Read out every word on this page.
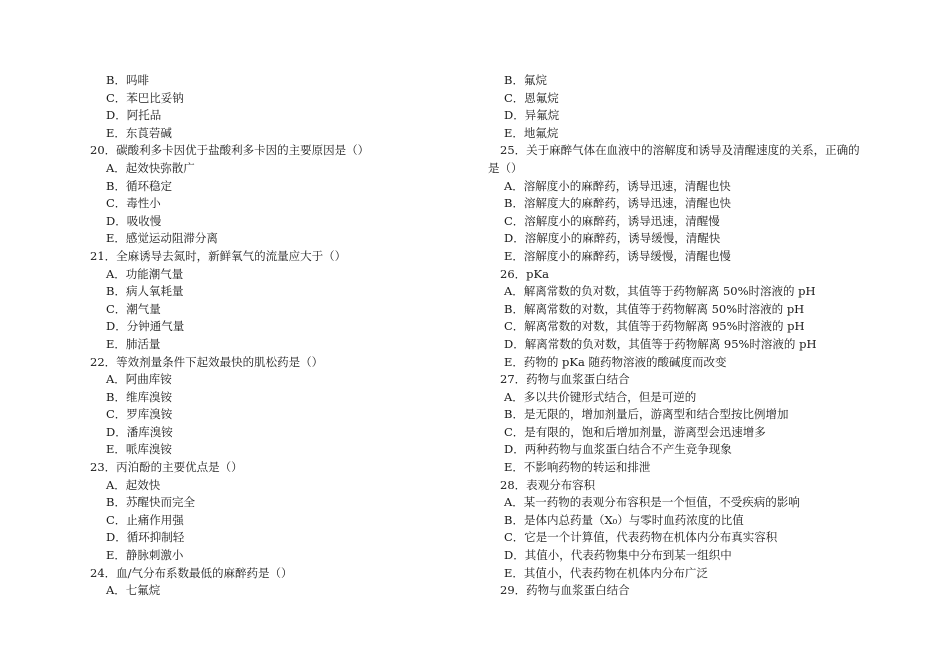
B．吗啡
C．苯巴比妥钠
D．阿托品
E．东莨菪碱
20．碳酸利多卡因优于盐酸利多卡因的主要原因是（）
A．起效快弥散广
B．循环稳定
C．毒性小
D．吸收慢
E．感觉运动阻滞分离
21．全麻诱导去氮时，新鲜氧气的流量应大于（）
A．功能潮气量
B．病人氧耗量
C．潮气量
D．分钟通气量
E．肺活量
22．等效剂量条件下起效最快的肌松药是（）
A．阿曲库铵
B．维库溴铵
C．罗库溴铵
D．潘库溴铵
E．哌库溴铵
23．丙泊酚的主要优点是（）
A．起效快
B．苏醒快而完全
C．止痛作用强
D．循环抑制轻
E．静脉刺激小
24．血/气分布系数最低的麻醉药是（）
A．七氟烷
B．氟烷
C．恩氟烷
D．异氟烷
E．地氟烷
25．关于麻醉气体在血液中的溶解度和诱导及清醒速度的关系，正确的
是（）
A．溶解度小的麻醉药，诱导迅速，清醒也快
B．溶解度大的麻醉药，诱导迅速，清醒也快
C．溶解度小的麻醉药，诱导迅速，清醒慢
D．溶解度小的麻醉药，诱导缓慢，清醒快
E．溶解度小的麻醉药，诱导缓慢，清醒也慢
26．pKa
A．解离常数的负对数，其值等于药物解离 50%时溶液的 pH
B．解离常数的对数，其值等于药物解离 50%时溶液的 pH
C．解离常数的对数，其值等于药物解离 95%时溶液的 pH
D．解离常数的负对数，其值等于药物解离 95%时溶液的 pH
E．药物的 pKa 随药物溶液的酸碱度而改变
27．药物与血浆蛋白结合
A．多以共价键形式结合，但是可逆的
B．是无限的，增加剂量后，游离型和结合型按比例增加
C．是有限的，饱和后增加剂量，游离型会迅速增多
D．两种药物与血浆蛋白结合不产生竞争现象
E．不影响药物的转运和排泄
28．表观分布容积
A．某一药物的表观分布容积是一个恒值，不受疾病的影响
B．是体内总药量（X₀）与零时血药浓度的比值
C．它是一个计算值，代表药物在机体内分布真实容积
D．其值小，代表药物集中分布到某一组织中
E．其值小，代表药物在机体内分布广泛
29．药物与血浆蛋白结合
